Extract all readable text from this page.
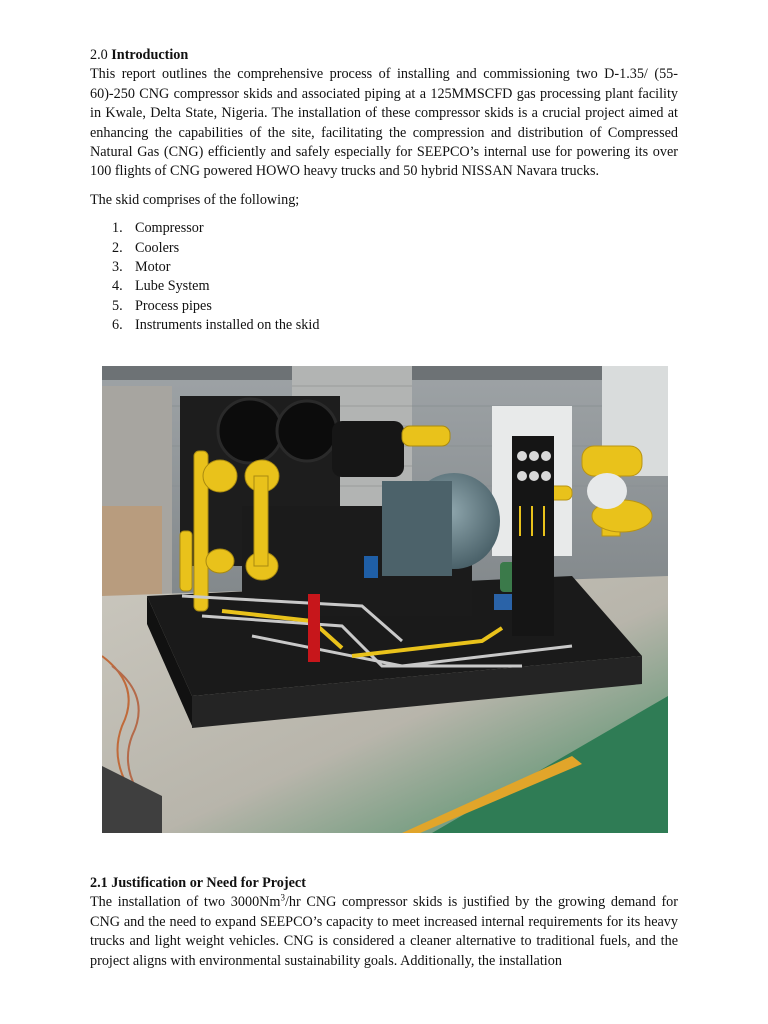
2.0 Introduction

This report outlines the comprehensive process of installing and commissioning two D-1.35/ (55-60)-250 CNG compressor skids and associated piping at a 125MMSCFD gas processing plant facility in Kwale, Delta State, Nigeria. The installation of these compressor skids is a crucial project aimed at enhancing the capabilities of the site, facilitating the compression and distribution of Compressed Natural Gas (CNG) efficiently and safely especially for SEEPCO’s internal use for powering its over 100 flights of CNG powered HOWO heavy trucks and 50 hybrid NISSAN Navara trucks.

The skid comprises of the following;

1. Compressor
2. Coolers
3. Motor
4. Lube System
5. Process pipes
6. Instruments installed on the skid

2.1 Justification or Need for Project

The installation of two 3000Nm$^3$/hr CNG compressor skids is justified by the growing demand for CNG and the need to expand SEEPCO’s capacity to meet increased internal requirements for its heavy trucks and light weight vehicles. CNG is considered a cleaner alternative to traditional fuels, and the project aligns with environmental sustainability goals. Additionally, the installation
